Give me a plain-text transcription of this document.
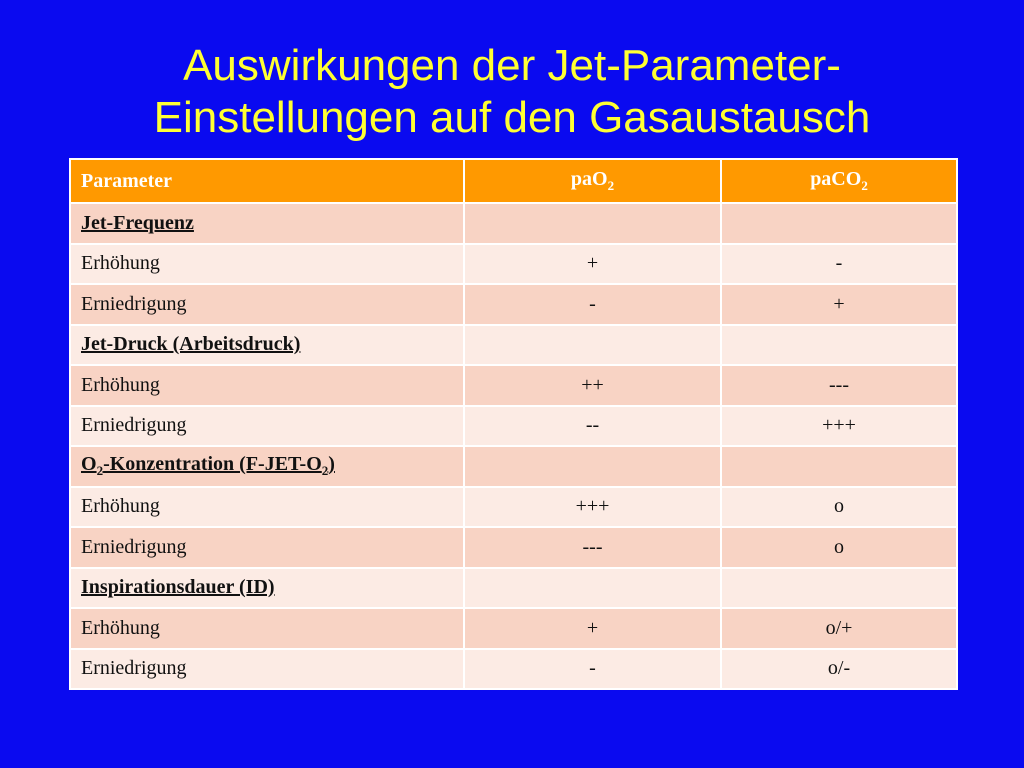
Auswirkungen der Jet-Parameter-
Einstellungen auf den Gasaustausch
Parameter	paO$_2$	paCO$_2$
Jet-Frequenz		
Erhöhung	+	-
Erniedrigung	-	+
Jet-Druck (Arbeitsdruck)		
Erhöhung	++	---
Erniedrigung	--	+++
$O_2$-Konzentration $(F-JET-O_2)$		
Erhöhung	+++	o
Erniedrigung	---	o
Inspirationsdauer (ID)		
Erhöhung	+	o/+
Erniedrigung	-	o/-
